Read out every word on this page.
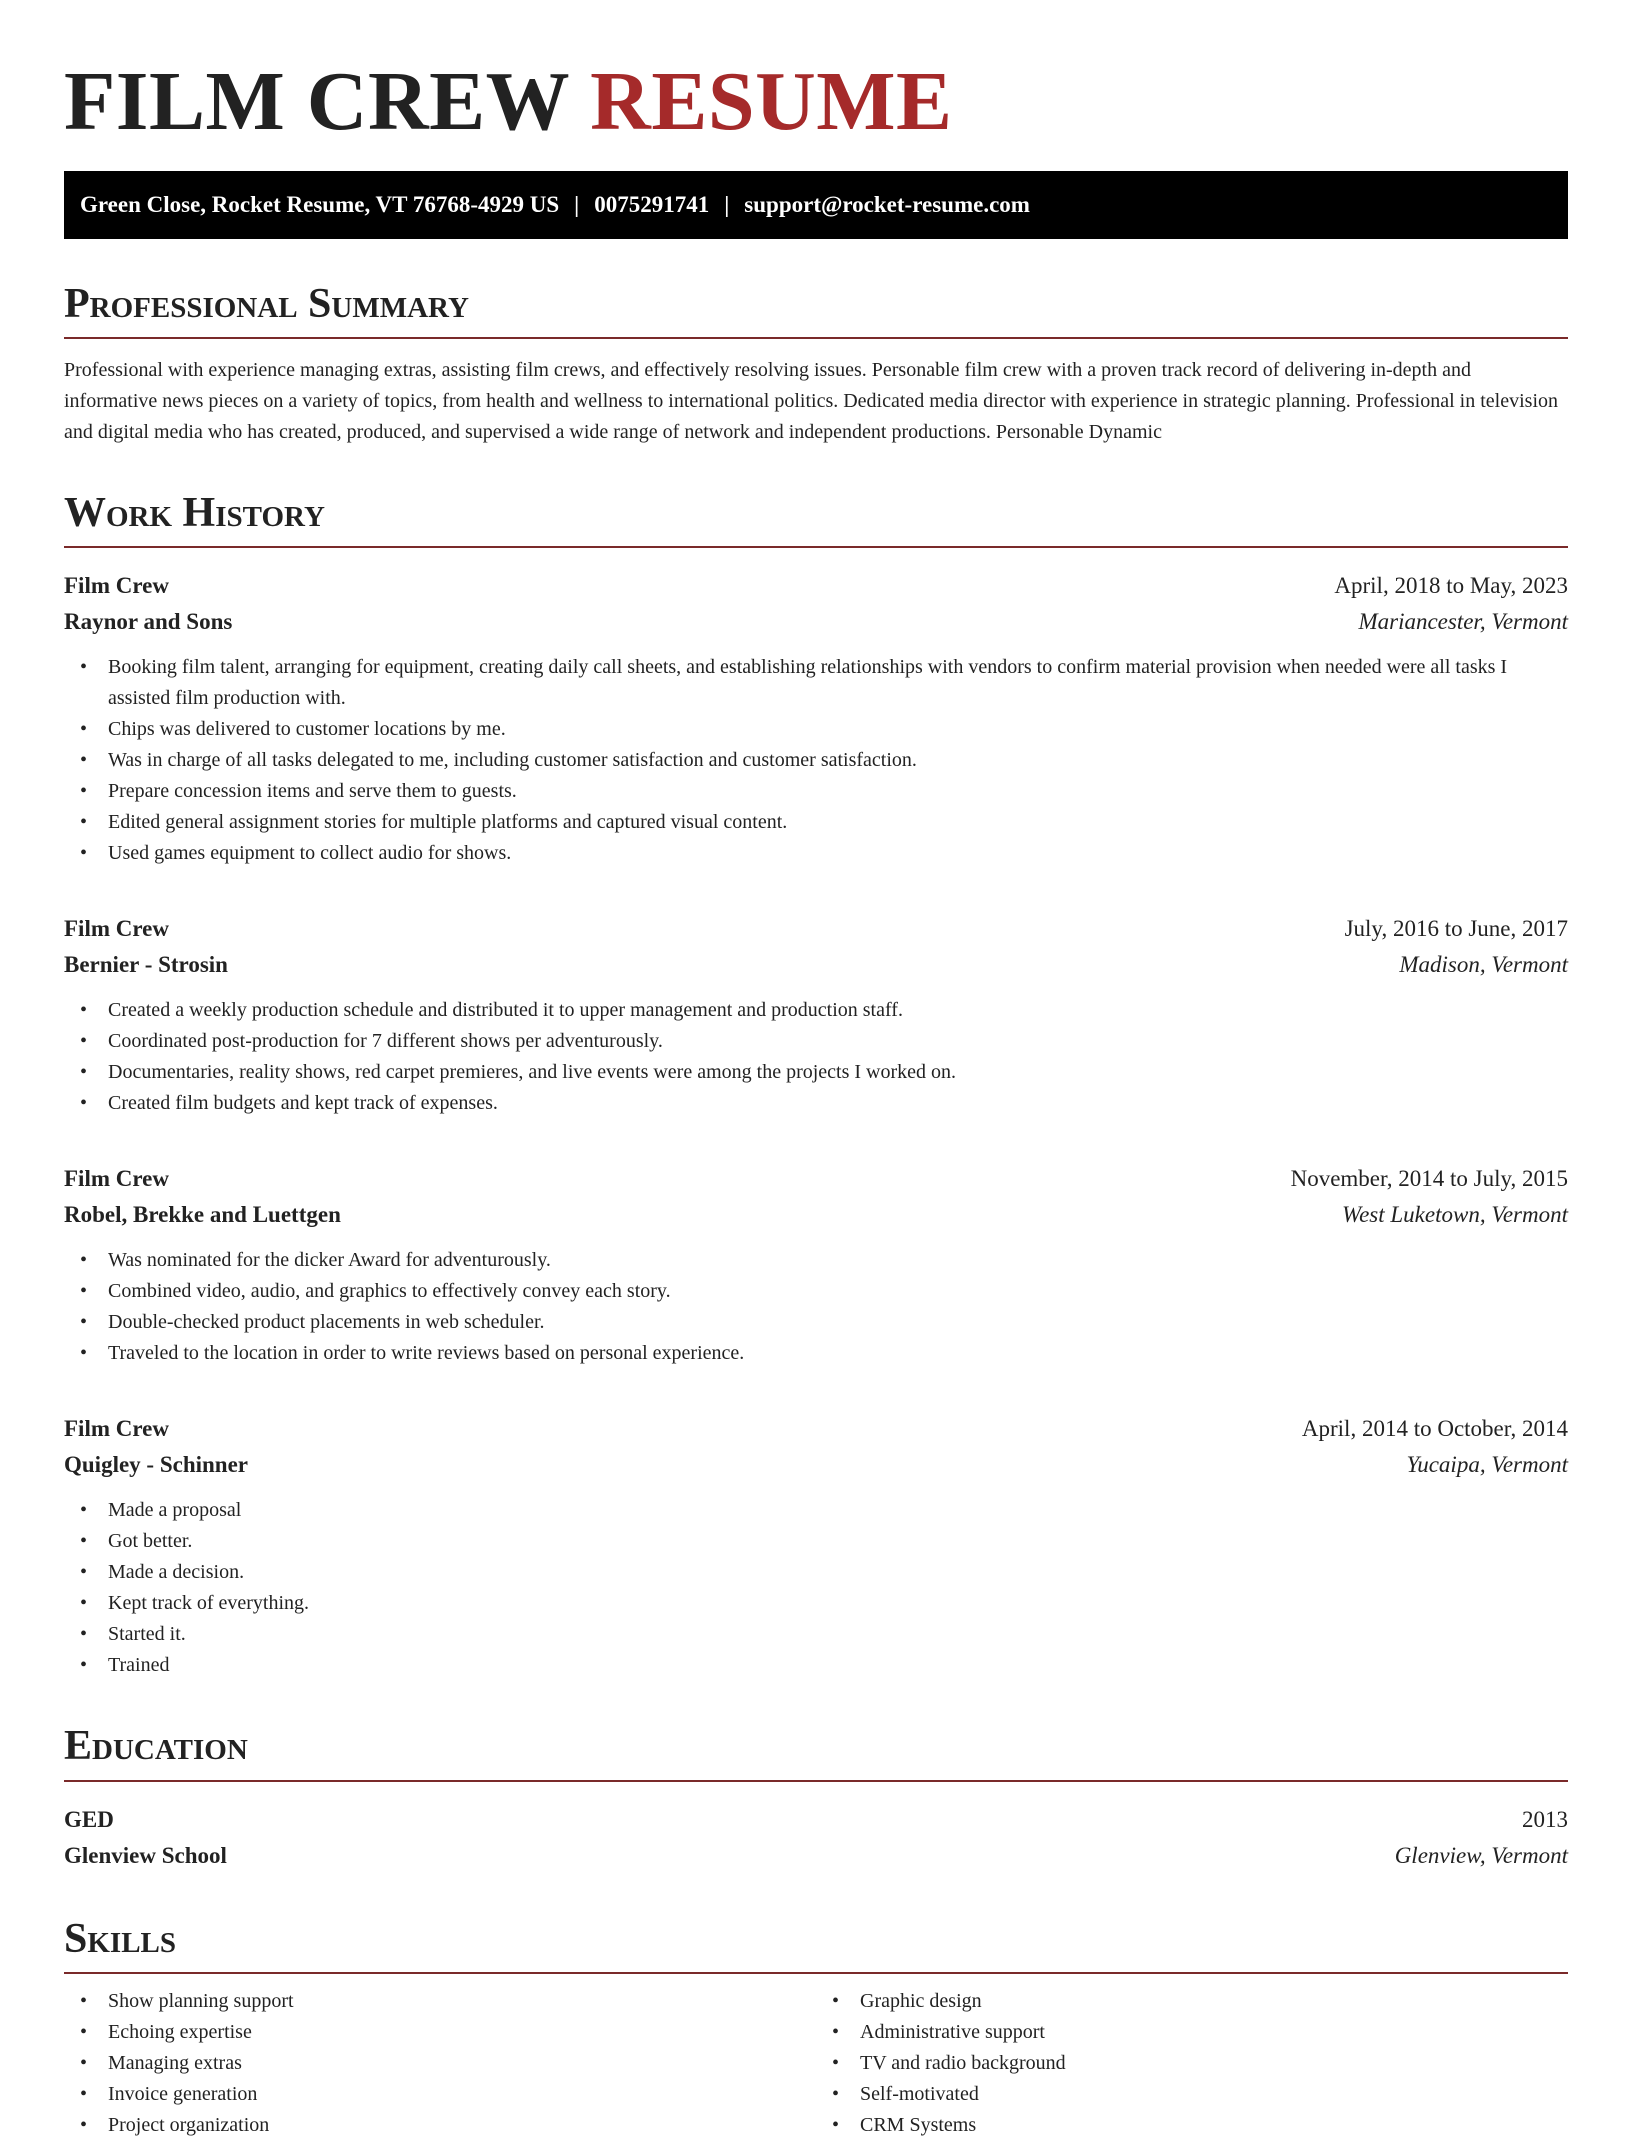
FILM CREW RESUME
Green Close, Rocket Resume, VT 76768-4929 US | 0075291741 | support@rocket-resume.com
Professional Summary

Professional with experience managing extras, assisting film crews, and effectively resolving issues. Personable film crew with a proven track record of delivering in-depth and informative news pieces on a variety of topics, from health and wellness to international politics. Dedicated media director with experience in strategic planning. Professional in television and digital media who has created, produced, and supervised a wide range of network and independent productions. Personable Dynamic

Work History
Film Crew	April, 2018 to May, 2023
Raynor and Sons	Mariancester, Vermont
• Booking film talent, arranging for equipment, creating daily call sheets, and establishing relationships with vendors to confirm material provision when needed were all tasks I assisted film production with.
• Chips was delivered to customer locations by me.
• Was in charge of all tasks delegated to me, including customer satisfaction and customer satisfaction.
• Prepare concession items and serve them to guests.
• Edited general assignment stories for multiple platforms and captured visual content.
• Used games equipment to collect audio for shows.
Film Crew	July, 2016 to June, 2017
Bernier - Strosin	Madison, Vermont
• Created a weekly production schedule and distributed it to upper management and production staff.
• Coordinated post-production for 7 different shows per adventurously.
• Documentaries, reality shows, red carpet premieres, and live events were among the projects I worked on.
• Created film budgets and kept track of expenses.
Film Crew	November, 2014 to July, 2015
Robel, Brekke and Luettgen	West Luketown, Vermont
• Was nominated for the dicker Award for adventurously.
• Combined video, audio, and graphics to effectively convey each story.
• Double-checked product placements in web scheduler.
• Traveled to the location in order to write reviews based on personal experience.
Film Crew	April, 2014 to October, 2014
Quigley - Schinner	Yucaipa, Vermont
• Made a proposal
• Got better.
• Made a decision.
• Kept track of everything.
• Started it.
• Trained
Education
GED	2013
Glenview School	Glenview, Vermont
Skills
• Show planning support
• Echoing expertise
• Managing extras
• Invoice generation
• Project organization
• Graphic design
• Administrative support
• TV and radio background
• Self-motivated
• CRM Systems
